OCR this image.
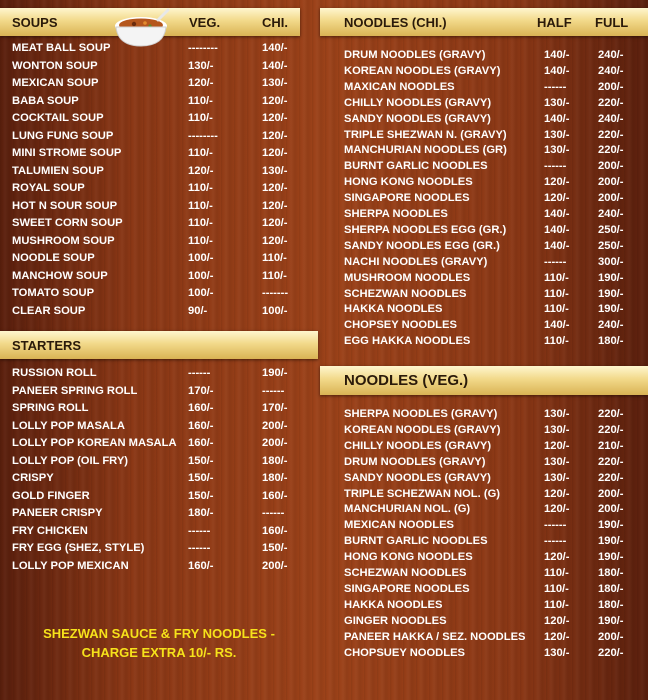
SOUPS	VEG.	CHI.
MEAT BALL SOUP	--------	140/-
WONTON SOUP	130/-	140/-
MEXICAN SOUP	120/-	130/-
BABA SOUP	110/-	120/-
COCKTAIL SOUP	110/-	120/-
LUNG FUNG SOUP	--------	120/-
MINI STROME SOUP	110/-	120/-
TALUMIEN SOUP	120/-	130/-
ROYAL SOUP	110/-	120/-
HOT N SOUR SOUP	110/-	120/-
SWEET CORN SOUP	110/-	120/-
MUSHROOM SOUP	110/-	120/-
NOODLE SOUP	100/-	110/-
MANCHOW SOUP	100/-	110/-
TOMATO SOUP	100/-	-------
CLEAR SOUP	90/-	100/-
STARTERS
RUSSION ROLL	------	190/-
PANEER SPRING ROLL	170/-	------
SPRING ROLL	160/-	170/-
LOLLY POP MASALA	160/-	200/-
LOLLY POP KOREAN MASALA 160/-	200/-
LOLLY POP (OIL FRY)	150/-	180/-
CRISPY	150/-	180/-
GOLD FINGER	150/-	160/-
PANEER CRISPY	180/-	------
FRY CHICKEN	------	160/-
FRY EGG (SHEZ, STYLE)	------	150/-
LOLLY POP MEXICAN	160/-	200/-
SHEZWAN SAUCE & FRY NOODLES -
CHARGE EXTRA 10/- RS.
NOODLES (CHI.)	HALF FULL
DRUM NOODLES (GRAVY)	140/-	240/-
KOREAN NOODLES (GRAVY)	140/-	240/-
MAXICAN NOODLES	------	200/-
CHILLY NOODLES (GRAVY)	130/-	220/-
SANDY NOODLES (GRAVY)	140/-	240/-
TRIPLE SHEZWAN N. (GRAVY)	130/-	220/-
MANCHURIAN NOODLES (GR)	130/-	220/-
BURNT GARLIC NOODLES	------	200/-
HONG KONG NOODLES	120/-	200/-
SINGAPORE NOODLES	120/-	200/-
SHERPA NOODLES	140/-	240/-
SHERPA NOODLES EGG (GR.)	140/-	250/-
SANDY NOODLES EGG (GR.)	140/-	250/-
NACHI NOODLES (GRAVY)	------	300/-
MUSHROOM NOODLES	110/-	190/-
SCHEZWAN NOODLES	110/-	190/-
HAKKA NOODLES	110/-	190/-
CHOPSEY NOODLES	140/-	240/-
EGG HAKKA NOODLES	110/-	180/-
NOODLES (VEG.)
SHERPA NOODLES (GRAVY)	130/-	220/-
KOREAN NOODLES (GRAVY)	130/-	220/-
CHILLY NOODLES (GRAVY)	120/-	210/-
DRUM NOODLES (GRAVY)	130/-	220/-
SANDY NOODLES (GRAVY)	130/-	220/-
TRIPLE SCHEZWAN NOL. (G)	120/-	200/-
MANCHURIAN NOL. (G)	120/-	200/-
MEXICAN NOODLES	------	190/-
BURNT GARLIC NOODLES	------	190/-
HONG KONG NOODLES	120/-	190/-
SCHEZWAN NOODLES	110/-	180/-
SINGAPORE NOODLES	110/-	180/-
HAKKA NOODLES	110/-	180/-
GINGER NOODLES	120/-	190/-
PANEER HAKKA / SEZ. NOODLES 120/-	200/-
CHOPSUEY NOODLES	130/-	220/-
